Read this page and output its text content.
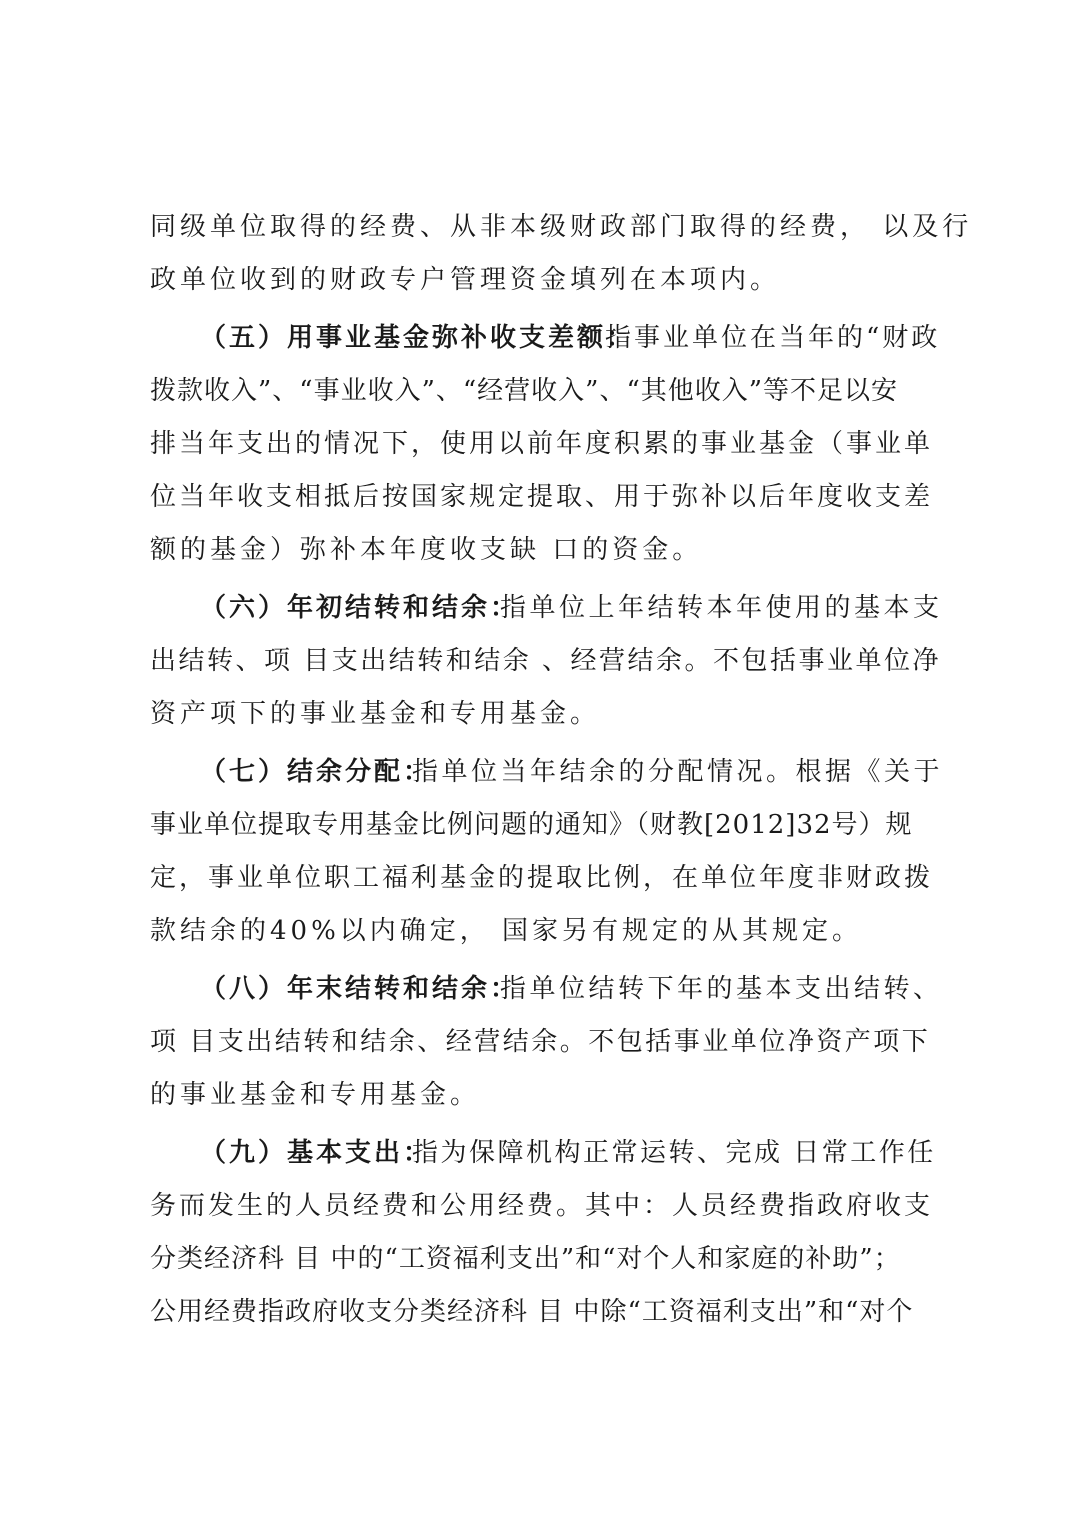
同级单位取得的经费、从非本级财政部门取得的经费， 以及行
政单位收到的财政专户管理资金填列在本项内。
（五）用事业基金弥补收支差额：
指事业单位在当年的“财政
拨款收入”、“事业收入”、“经营收入”、“其他收入”等不足以安
排当年支出的情况下，使用以前年度积累的事业基金（事业单
位当年收支相抵后按国家规定提取、用于弥补以后年度收支差
额的基金）弥补本年度收支缺 口的资金。
（六）年初结转和结余：
指单位上年结转本年使用的基本支
出结转、项 目支出结转和结余 、经营结余。不包括事业单位净
资产项下的事业基金和专用基金。
（七）结余分配：
指单位当年结余的分配情况。根据《关于
事业单位提取专用基金比例问题的通知》（财教[2012]32号）规
定，事业单位职工福利基金的提取比例，在单位年度非财政拨
款结余的40%以内确定， 国家另有规定的从其规定。
（八）年末结转和结余：
指单位结转下年的基本支出结转、
项 目支出结转和结余、经营结余。不包括事业单位净资产项下
的事业基金和专用基金。
（九）基本支出：
指为保障机构正常运转、完成 日常工作任
务而发生的人员经费和公用经费。其中：人员经费指政府收支
分类经济科 目 中的“工资福利支出”和“对个人和家庭的补助”；
公用经费指政府收支分类经济科 目 中除“工资福利支出”和“对个
